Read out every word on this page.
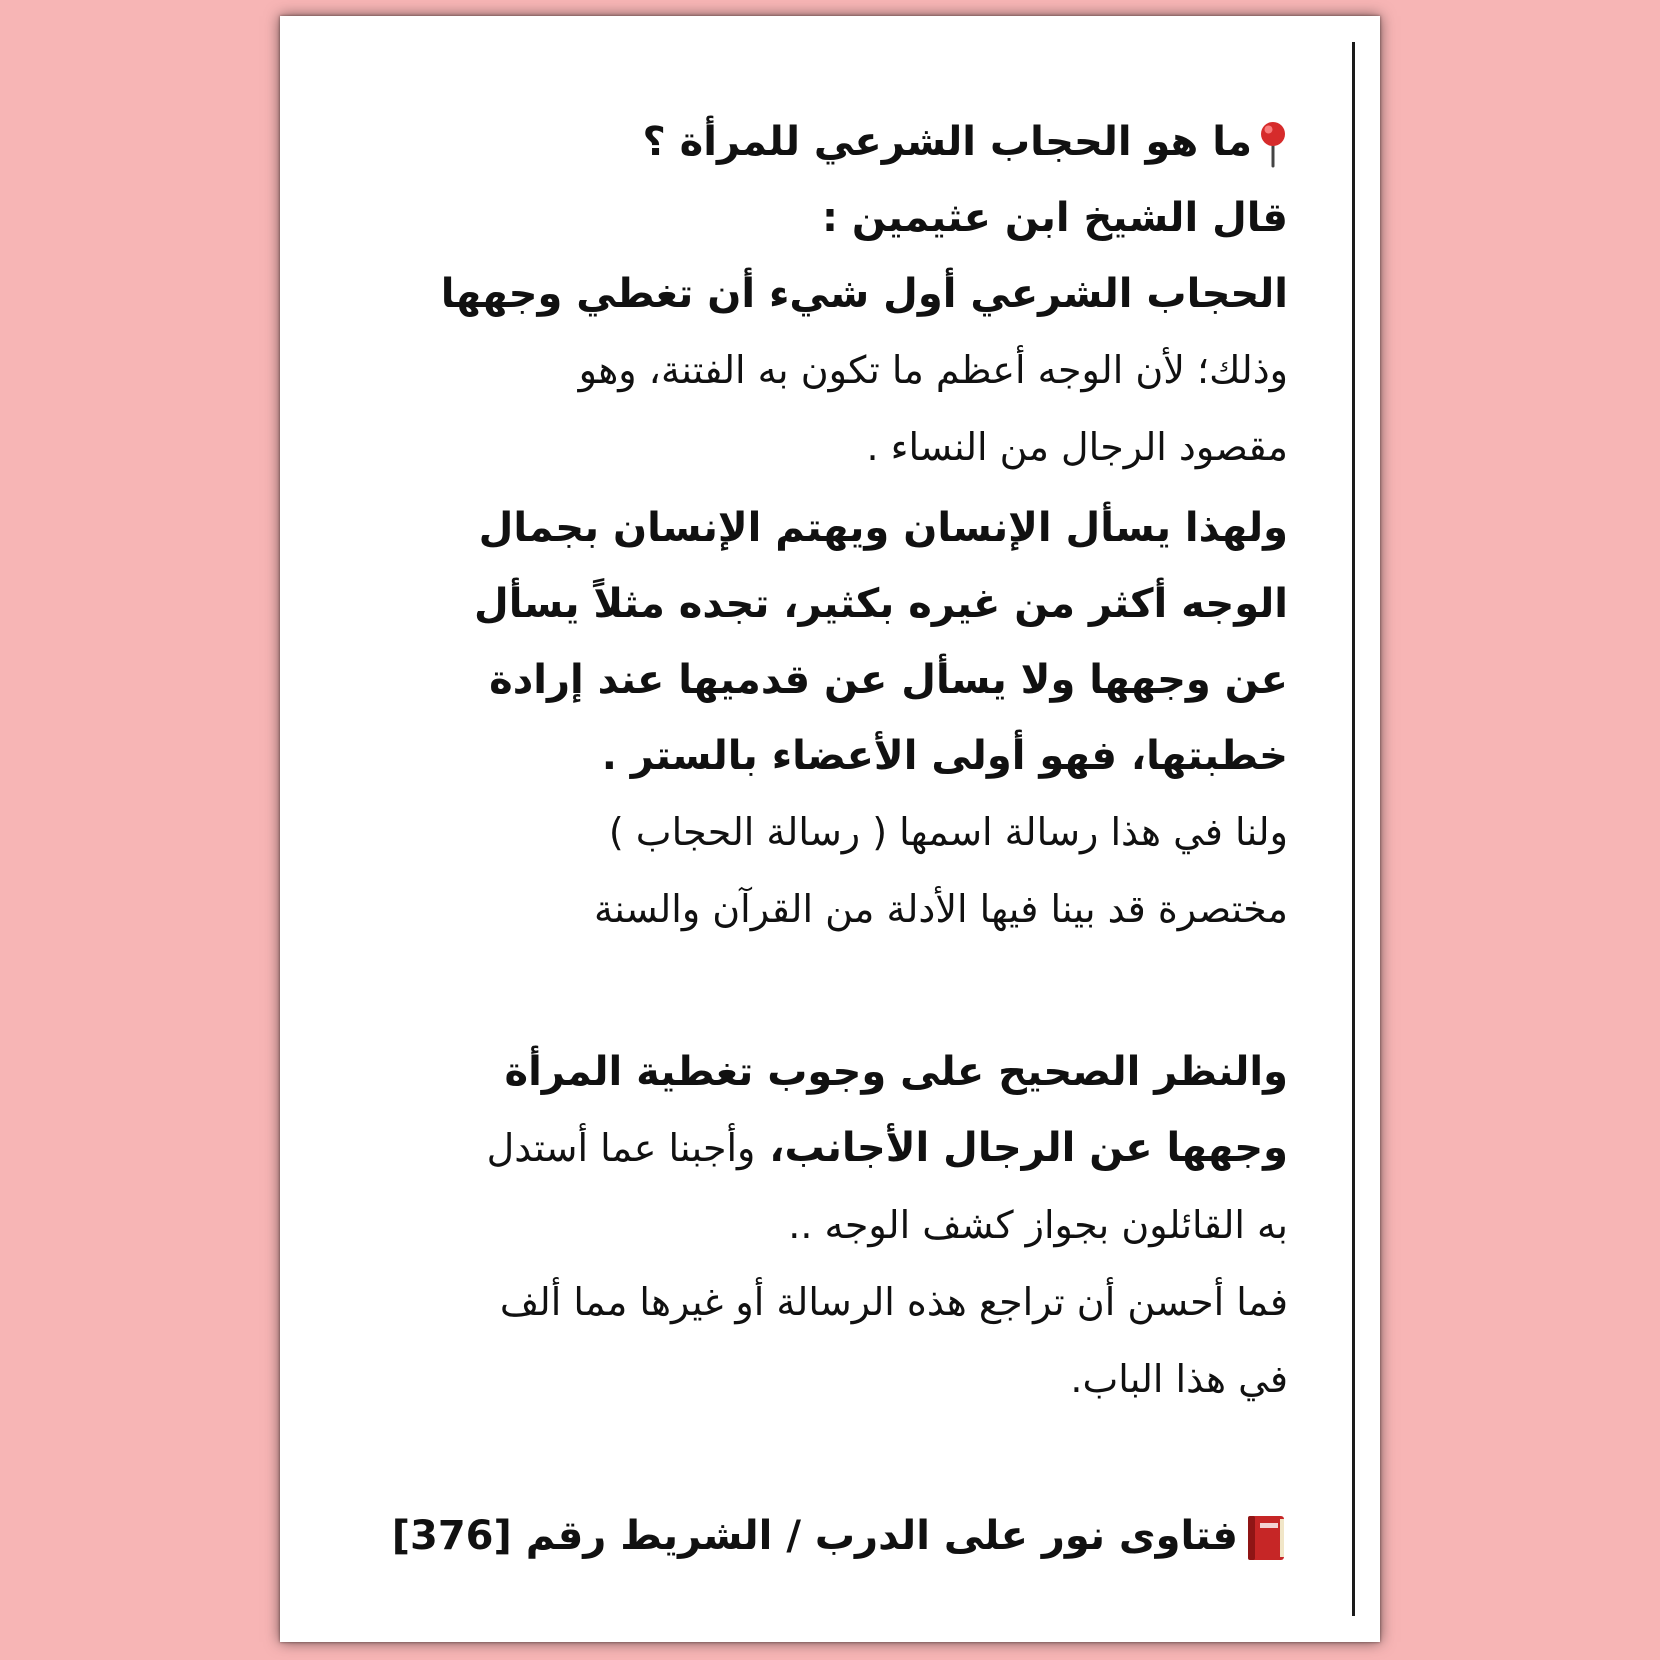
ما هو الحجاب الشرعي للمرأة ؟
قال الشيخ ابن عثيمين :
الحجاب الشرعي أول شيء أن تغطي وجهها
وذلك؛ لأن الوجه أعظم ما تكون به الفتنة، وهو
مقصود الرجال من النساء .
ولهذا يسأل الإنسان ويهتم الإنسان بجمال
الوجه أكثر من غيره بكثير، تجده مثلاً يسأل
عن وجهها ولا يسأل عن قدميها عند إرادة
خطبتها، فهو أولى الأعضاء بالستر .
ولنا في هذا رسالة اسمها ( رسالة الحجاب )
مختصرة قد بينا فيها الأدلة من القرآن والسنة
والنظر الصحيح على وجوب تغطية المرأة
وجهها عن الرجال الأجانب، وأجبنا عما أستدل
به القائلون بجواز كشف الوجه ..
فما أحسن أن تراجع هذه الرسالة أو غيرها مما ألف
في هذا الباب.
فتاوى نور على الدرب / الشريط رقم [376]
